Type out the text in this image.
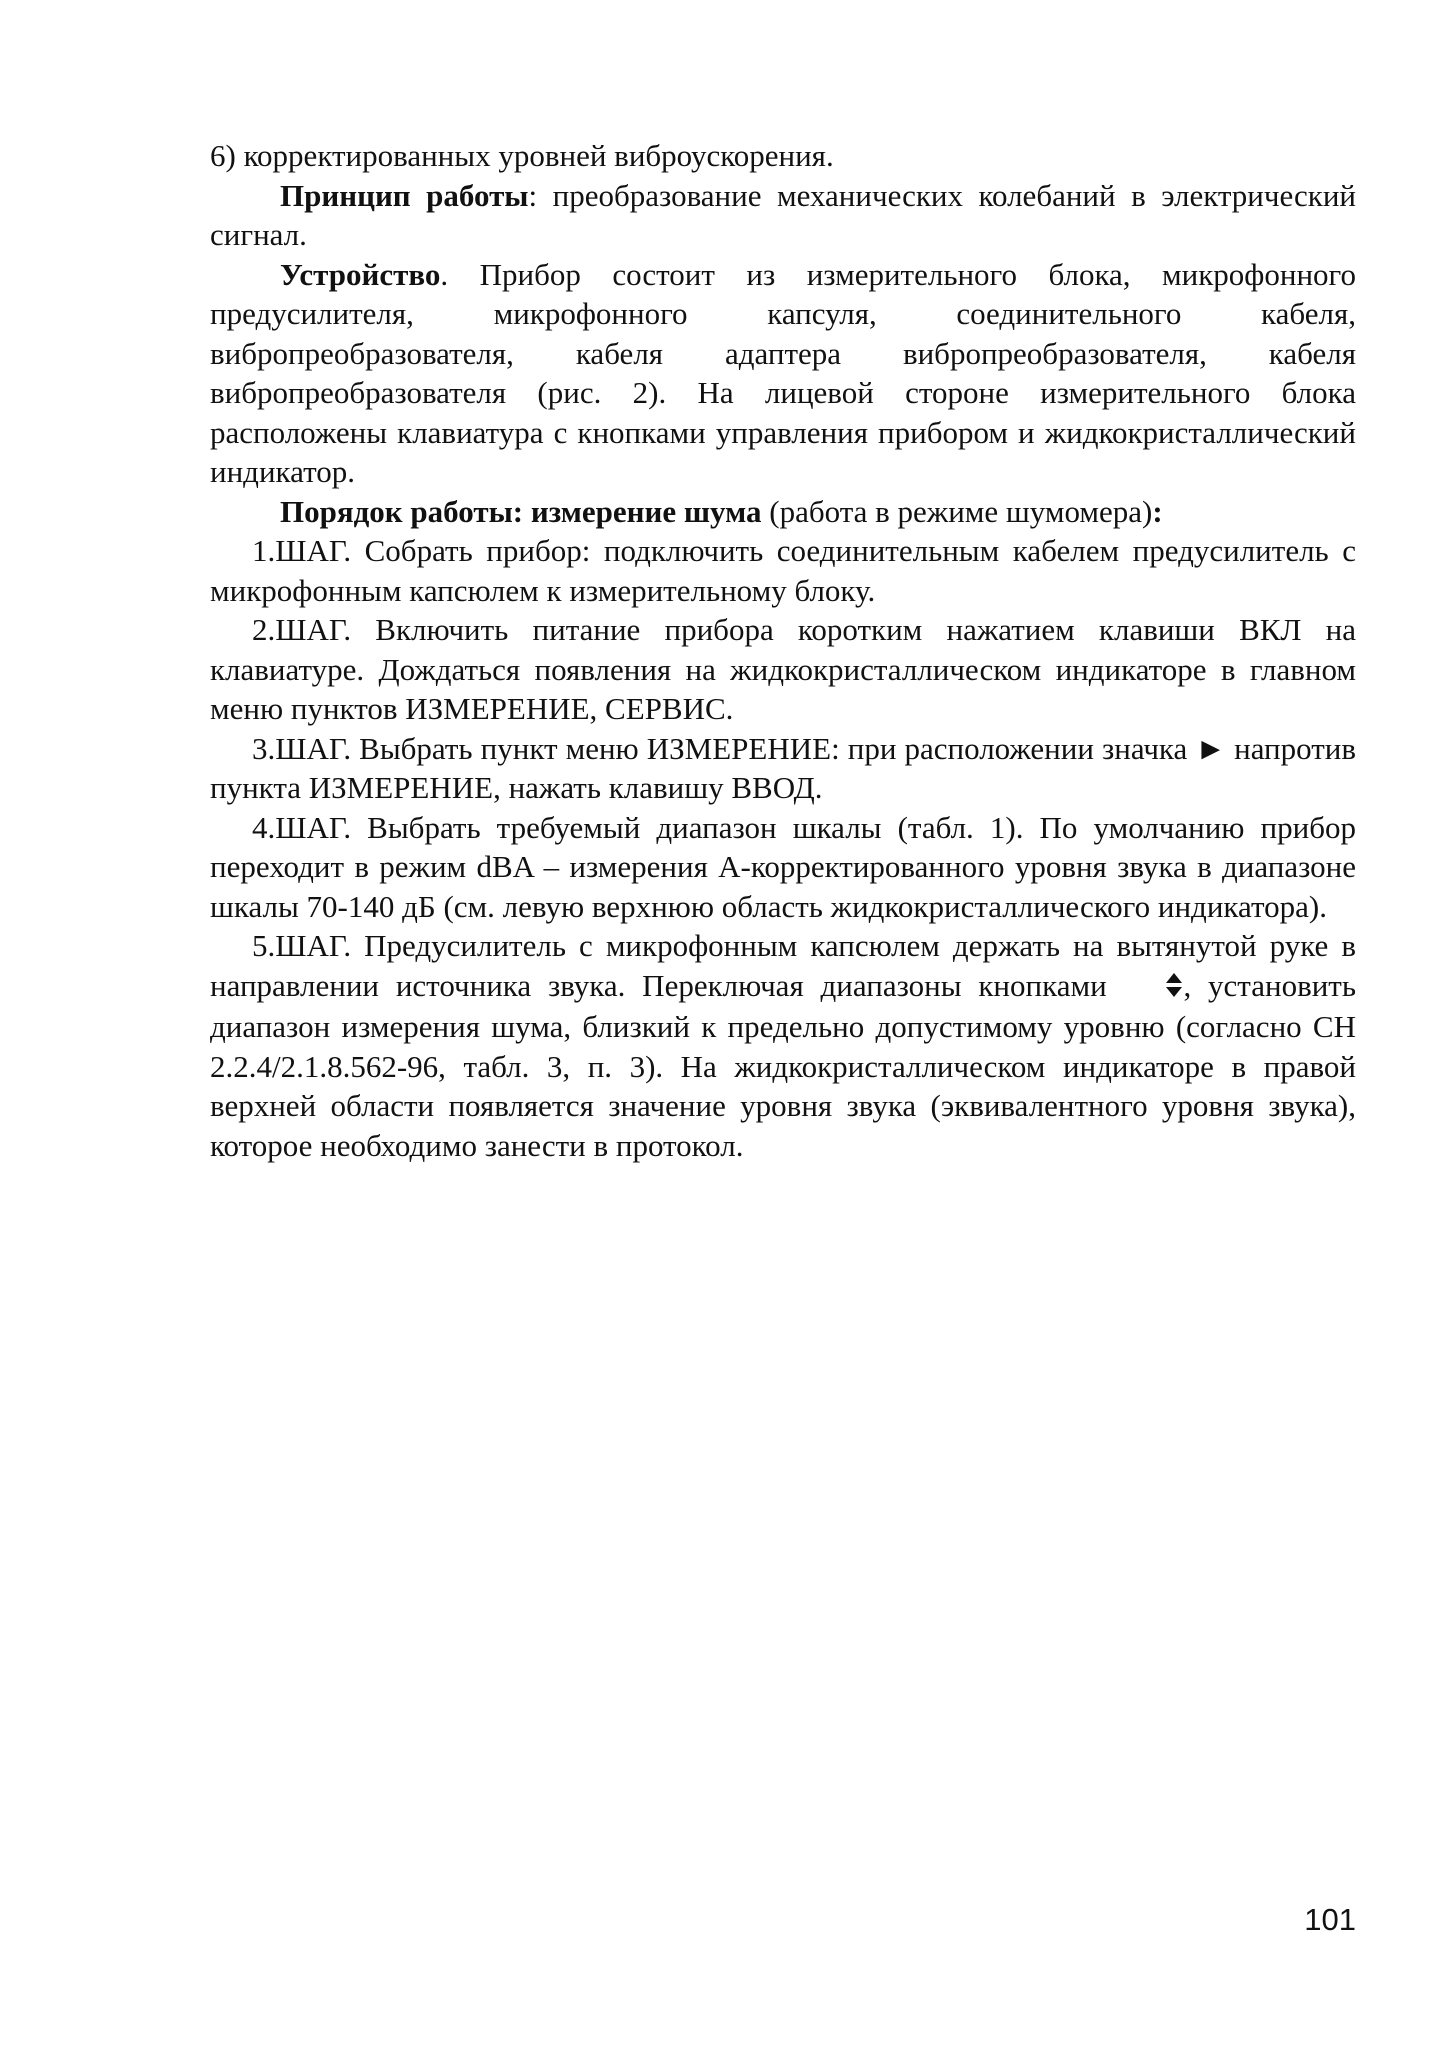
6) корректированных уровней виброускорения.

Принцип работы: преобразование механических колебаний в электрический сигнал.

Устройство. Прибор состоит из измерительного блока, микрофонного предусилителя, микрофонного капсуля, соединительного кабеля, вибропреобразователя, кабеля адаптера вибропреобразователя, кабеля вибропреобразователя (рис. 2). На лицевой стороне измерительного блока расположены клавиатура с кнопками управления прибором и жидкокристаллический индикатор.

Порядок работы: измерение шума (работа в режиме шумомера):

1.ШАГ. Собрать прибор: подключить соединительным кабелем предусилитель с микрофонным капсюлем к измерительному блоку.

2.ШАГ. Включить питание прибора коротким нажатием клавиши ВКЛ на клавиатуре. Дождаться появления на жидкокристаллическом индикаторе в главном меню пунктов ИЗМЕРЕНИЕ, СЕРВИС.

3.ШАГ. Выбрать пункт меню ИЗМЕРЕНИЕ: при расположении значка ► напротив пункта ИЗМЕРЕНИЕ, нажать клавишу ВВОД.

4.ШАГ. Выбрать требуемый диапазон шкалы (табл. 1). По умолчанию прибор переходит в режим dBA – измерения А-корректированного уровня звука в диапазоне шкалы 70-140 дБ (см. левую верхнюю область жидкокристаллического индикатора).

5.ШАГ. Предусилитель с микрофонным капсюлем держать на вытянутой руке в направлении источника звука. Переключая диапазоны кнопками , установить диапазон измерения шума, близкий к предельно допустимому уровню (согласно СН 2.2.4/2.1.8.562-96, табл. 3, п. 3). На жидкокристаллическом индикаторе в правой верхней области появляется значение уровня звука (эквивалентного уровня звука), которое необходимо занести в протокол.

101
